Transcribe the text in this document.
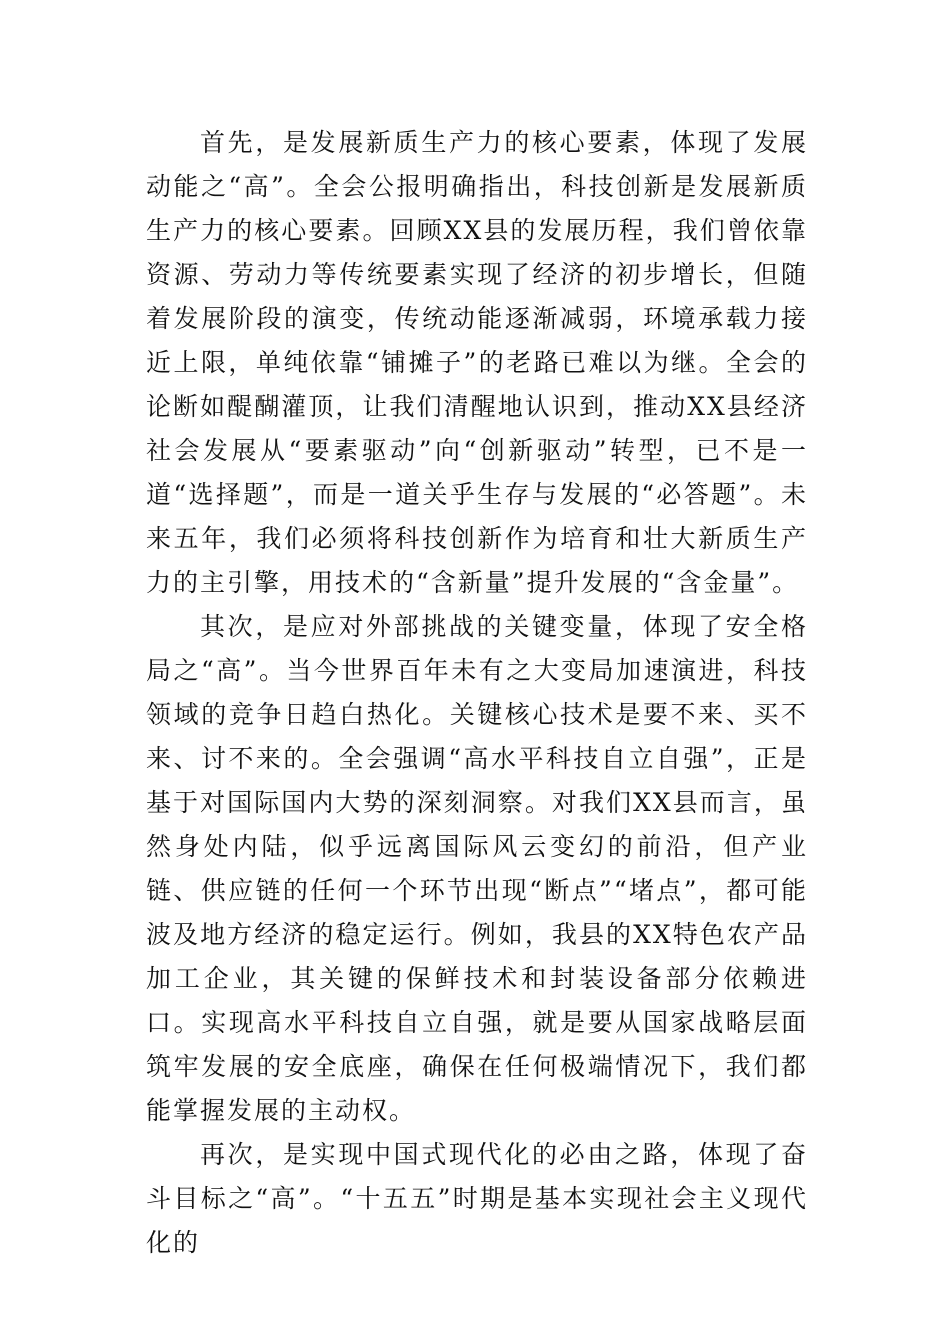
首先，是发展新质生产力的核心要素，体现了发展动能之“高”。全会公报明确指出，科技创新是发展新质生产力的核心要素。回顾XX县的发展历程，我们曾依靠资源、劳动力等传统要素实现了经济的初步增长，但随着发展阶段的演变，传统动能逐渐减弱，环境承载力接近上限，单纯依靠“铺摊子”的老路已难以为继。全会的论断如醍醐灌顶，让我们清醒地认识到，推动XX县经济社会发展从“要素驱动”向“创新驱动”转型，已不是一道“选择题”，而是一道关乎生存与发展的“必答题”。未来五年，我们必须将科技创新作为培育和壮大新质生产力的主引擎，用技术的“含新量”提升发展的“含金量”。

其次，是应对外部挑战的关键变量，体现了安全格局之“高”。当今世界百年未有之大变局加速演进，科技领域的竞争日趋白热化。关键核心技术是要不来、买不来、讨不来的。全会强调“高水平科技自立自强”，正是基于对国际国内大势的深刻洞察。对我们XX县而言，虽然身处内陆，似乎远离国际风云变幻的前沿，但产业链、供应链的任何一个环节出现“断点”“堵点”，都可能波及地方经济的稳定运行。例如，我县的XX特色农产品加工企业，其关键的保鲜技术和封装设备部分依赖进口。实现高水平科技自立自强，就是要从国家战略层面筑牢发展的安全底座，确保在任何极端情况下，我们都能掌握发展的主动权。

再次，是实现中国式现代化的必由之路，体现了奋斗目标之“高”。“十五五”时期是基本实现社会主义现代化的
